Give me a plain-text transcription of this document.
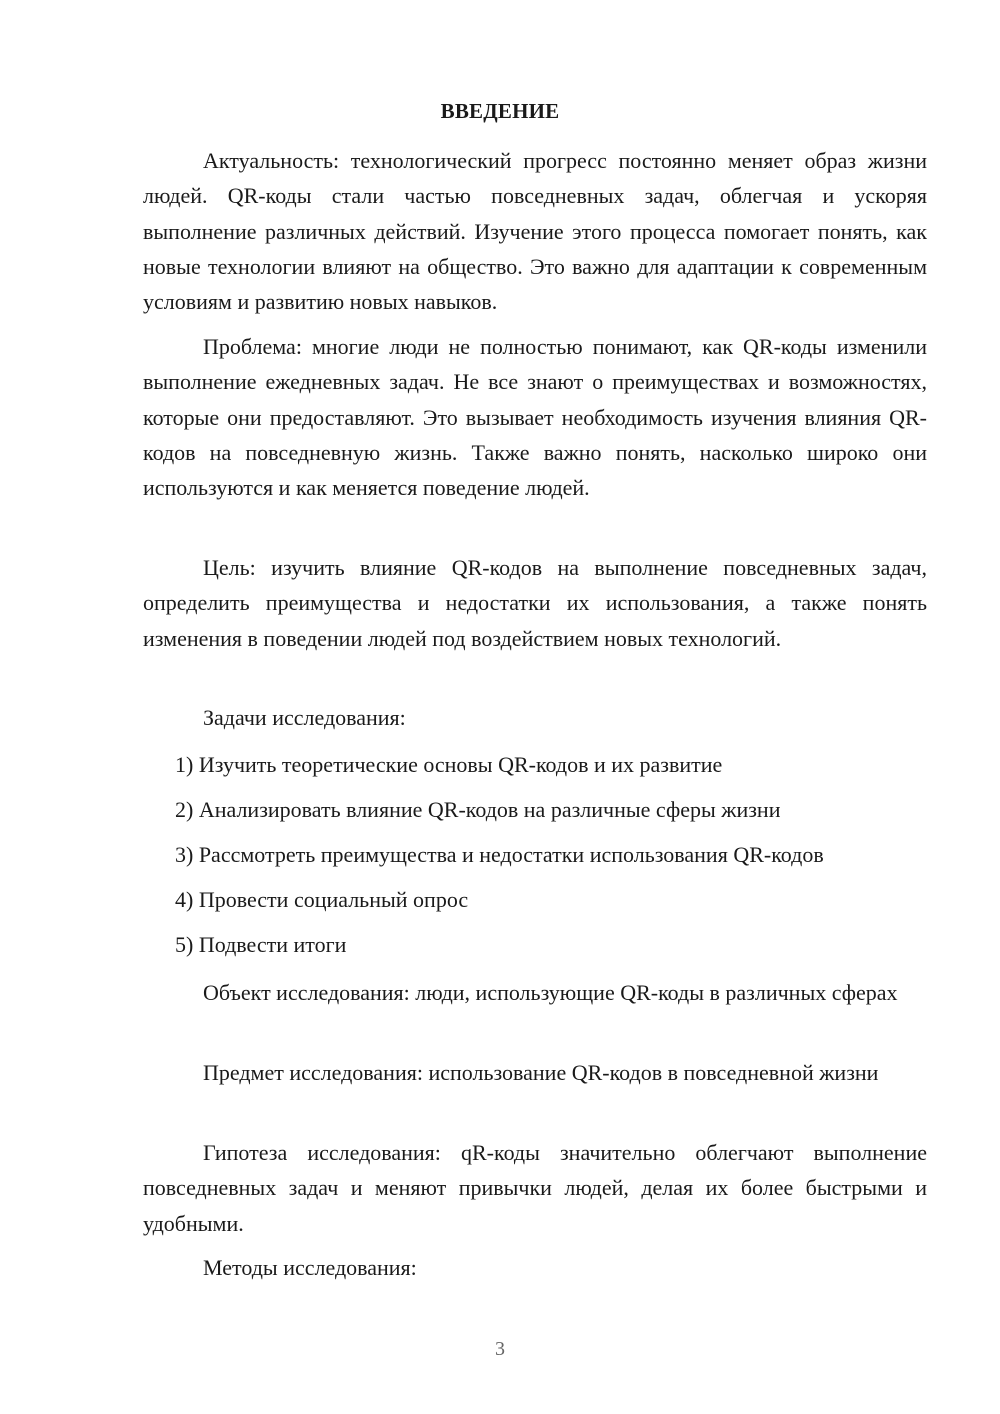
ВВЕДЕНИЕ

Актуальность: технологический прогресс постоянно меняет образ жизни людей. QR-коды стали частью повседневных задач, облегчая и ускоряя выполнение различных действий. Изучение этого процесса помогает понять, как новые технологии влияют на общество. Это важно для адаптации к современным условиям и развитию новых навыков.

Проблема: многие люди не полностью понимают, как QR-коды изменили выполнение ежедневных задач. Не все знают о преимуществах и возможностях, которые они предоставляют. Это вызывает необходимость изучения влияния QR-кодов на повседневную жизнь. Также важно понять, насколько широко они используются и как меняется поведение людей.

Цель: изучить влияние QR-кодов на выполнение повседневных задач, определить преимущества и недостатки их использования, а также понять изменения в поведении людей под воздействием новых технологий.

Задачи исследования:

1) Изучить теоретические основы QR-кодов и их развитие

2) Анализировать влияние QR-кодов на различные сферы жизни

3) Рассмотреть преимущества и недостатки использования QR-кодов

4) Провести социальный опрос

5) Подвести итоги

Объект исследования: люди, использующие QR-коды в различных сферах

Предмет исследования: использование QR-кодов в повседневной жизни

Гипотеза исследования: qR-коды значительно облегчают выполнение повседневных задач и меняют привычки людей, делая их более быстрыми и удобными.

Методы исследования:

3
